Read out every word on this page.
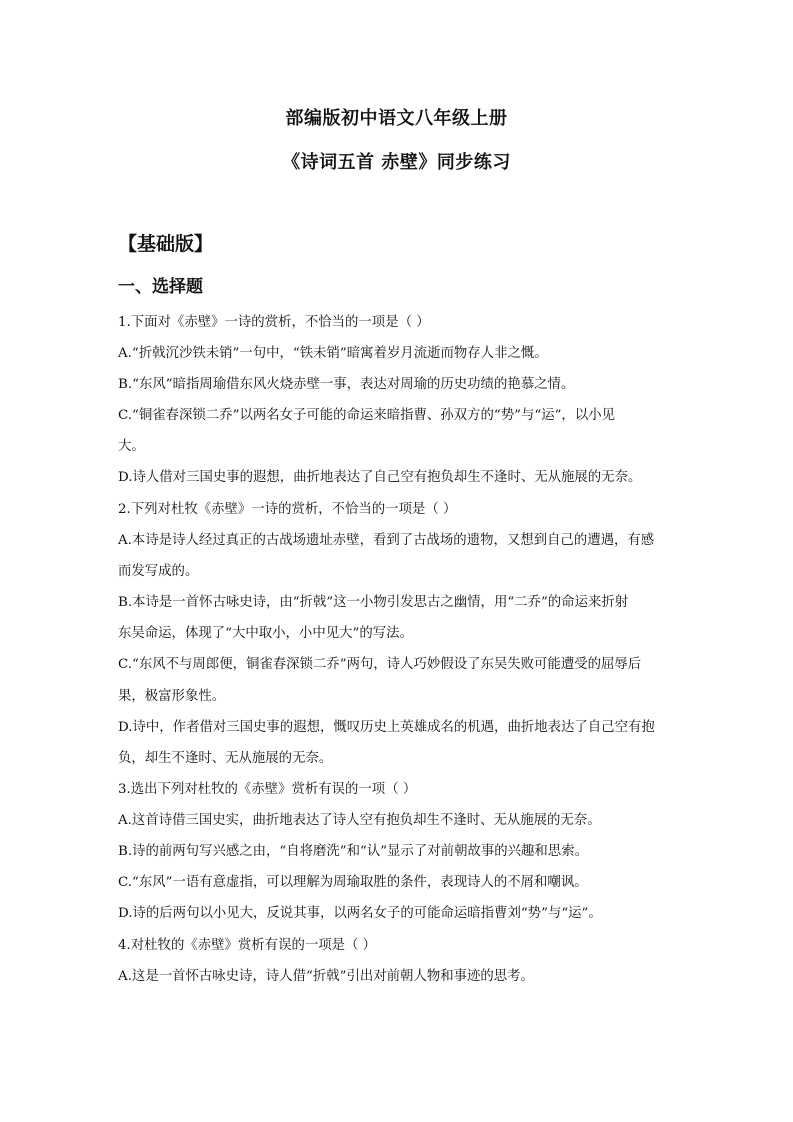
部编版初中语文八年级上册
《诗词五首 赤壁》同步练习
【基础版】
一、选择题
1.下面对《赤壁》一诗的赏析，不恰当的一项是（ ）
A.“折戟沉沙铁未销”一句中，“铁未销”暗寓着岁月流逝而物存人非之慨。
B.“东风”暗指周瑜借东风火烧赤壁一事，表达对周瑜的历史功绩的艳慕之情。
C.“铜雀春深锁二乔”以两名女子可能的命运来暗指曹、孙双方的“势”与“运”，以小见
大。
D.诗人借对三国史事的遐想，曲折地表达了自己空有抱负却生不逢时、无从施展的无奈。
2.下列对杜牧《赤壁》一诗的赏析，不恰当的一项是（ ）
A.本诗是诗人经过真正的古战场遗址赤壁，看到了古战场的遗物，又想到自己的遭遇，有感
而发写成的。
B.本诗是一首怀古咏史诗，由“折戟”这一小物引发思古之幽情，用“二乔”的命运来折射
东吴命运，体现了“大中取小，小中见大”的写法。
C.“东风不与周郎便，铜雀春深锁二乔”两句，诗人巧妙假设了东吴失败可能遭受的屈辱后
果，极富形象性。
D.诗中，作者借对三国史事的遐想，慨叹历史上英雄成名的机遇，曲折地表达了自己空有抱
负，却生不逢时、无从施展的无奈。
3.选出下列对杜牧的《赤壁》赏析有误的一项（ ）
A.这首诗借三国史实，曲折地表达了诗人空有抱负却生不逢时、无从施展的无奈。
B.诗的前两句写兴感之由，“自将磨洗”和“认”显示了对前朝故事的兴趣和思索。
C.“东风”一语有意虚指，可以理解为周瑜取胜的条件，表现诗人的不屑和嘲讽。
D.诗的后两句以小见大，反说其事，以两名女子的可能命运暗指曹刘“势”与“运”。
4.对杜牧的《赤壁》赏析有误的一项是（ ）
A.这是一首怀古咏史诗，诗人借“折戟”引出对前朝人物和事迹的思考。
